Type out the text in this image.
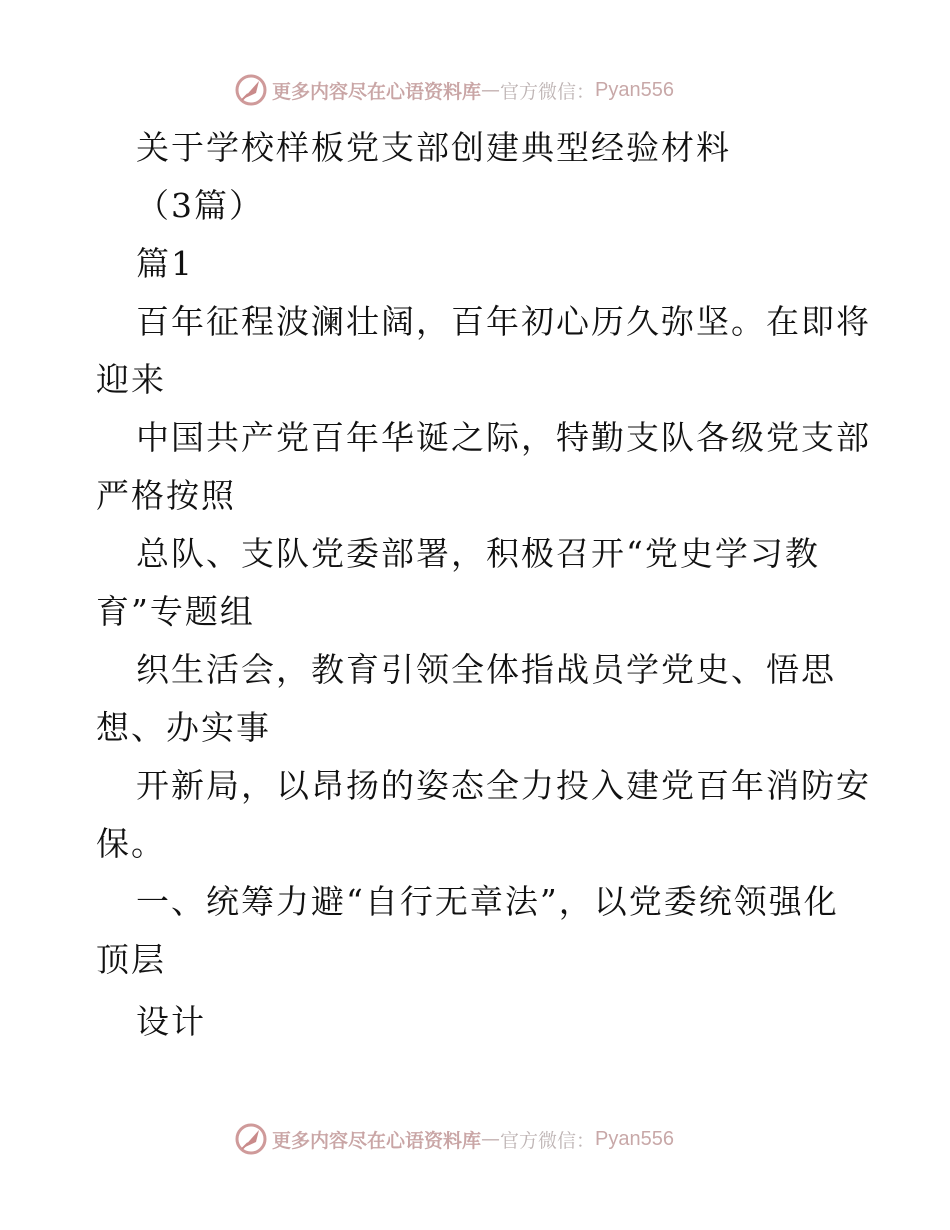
更多内容尽在心语资料库 — 官方微信： Pyan556
关于学校样板党支部创建典型经验材料
（3篇）
篇1
百年征程波澜壮阔，百年初心历久弥坚。在即将
迎来
中国共产党百年华诞之际，特勤支队各级党支部
严格按照
总队、支队党委部署，积极召开“党史学习教
育”专题组
织生活会，教育引领全体指战员学党史、悟思
想、办实事
开新局，以昂扬的姿态全力投入建党百年消防安
保。
一、统筹力避“自行无章法”，以党委统领强化
顶层
设计
更多内容尽在心语资料库 — 官方微信： Pyan556
